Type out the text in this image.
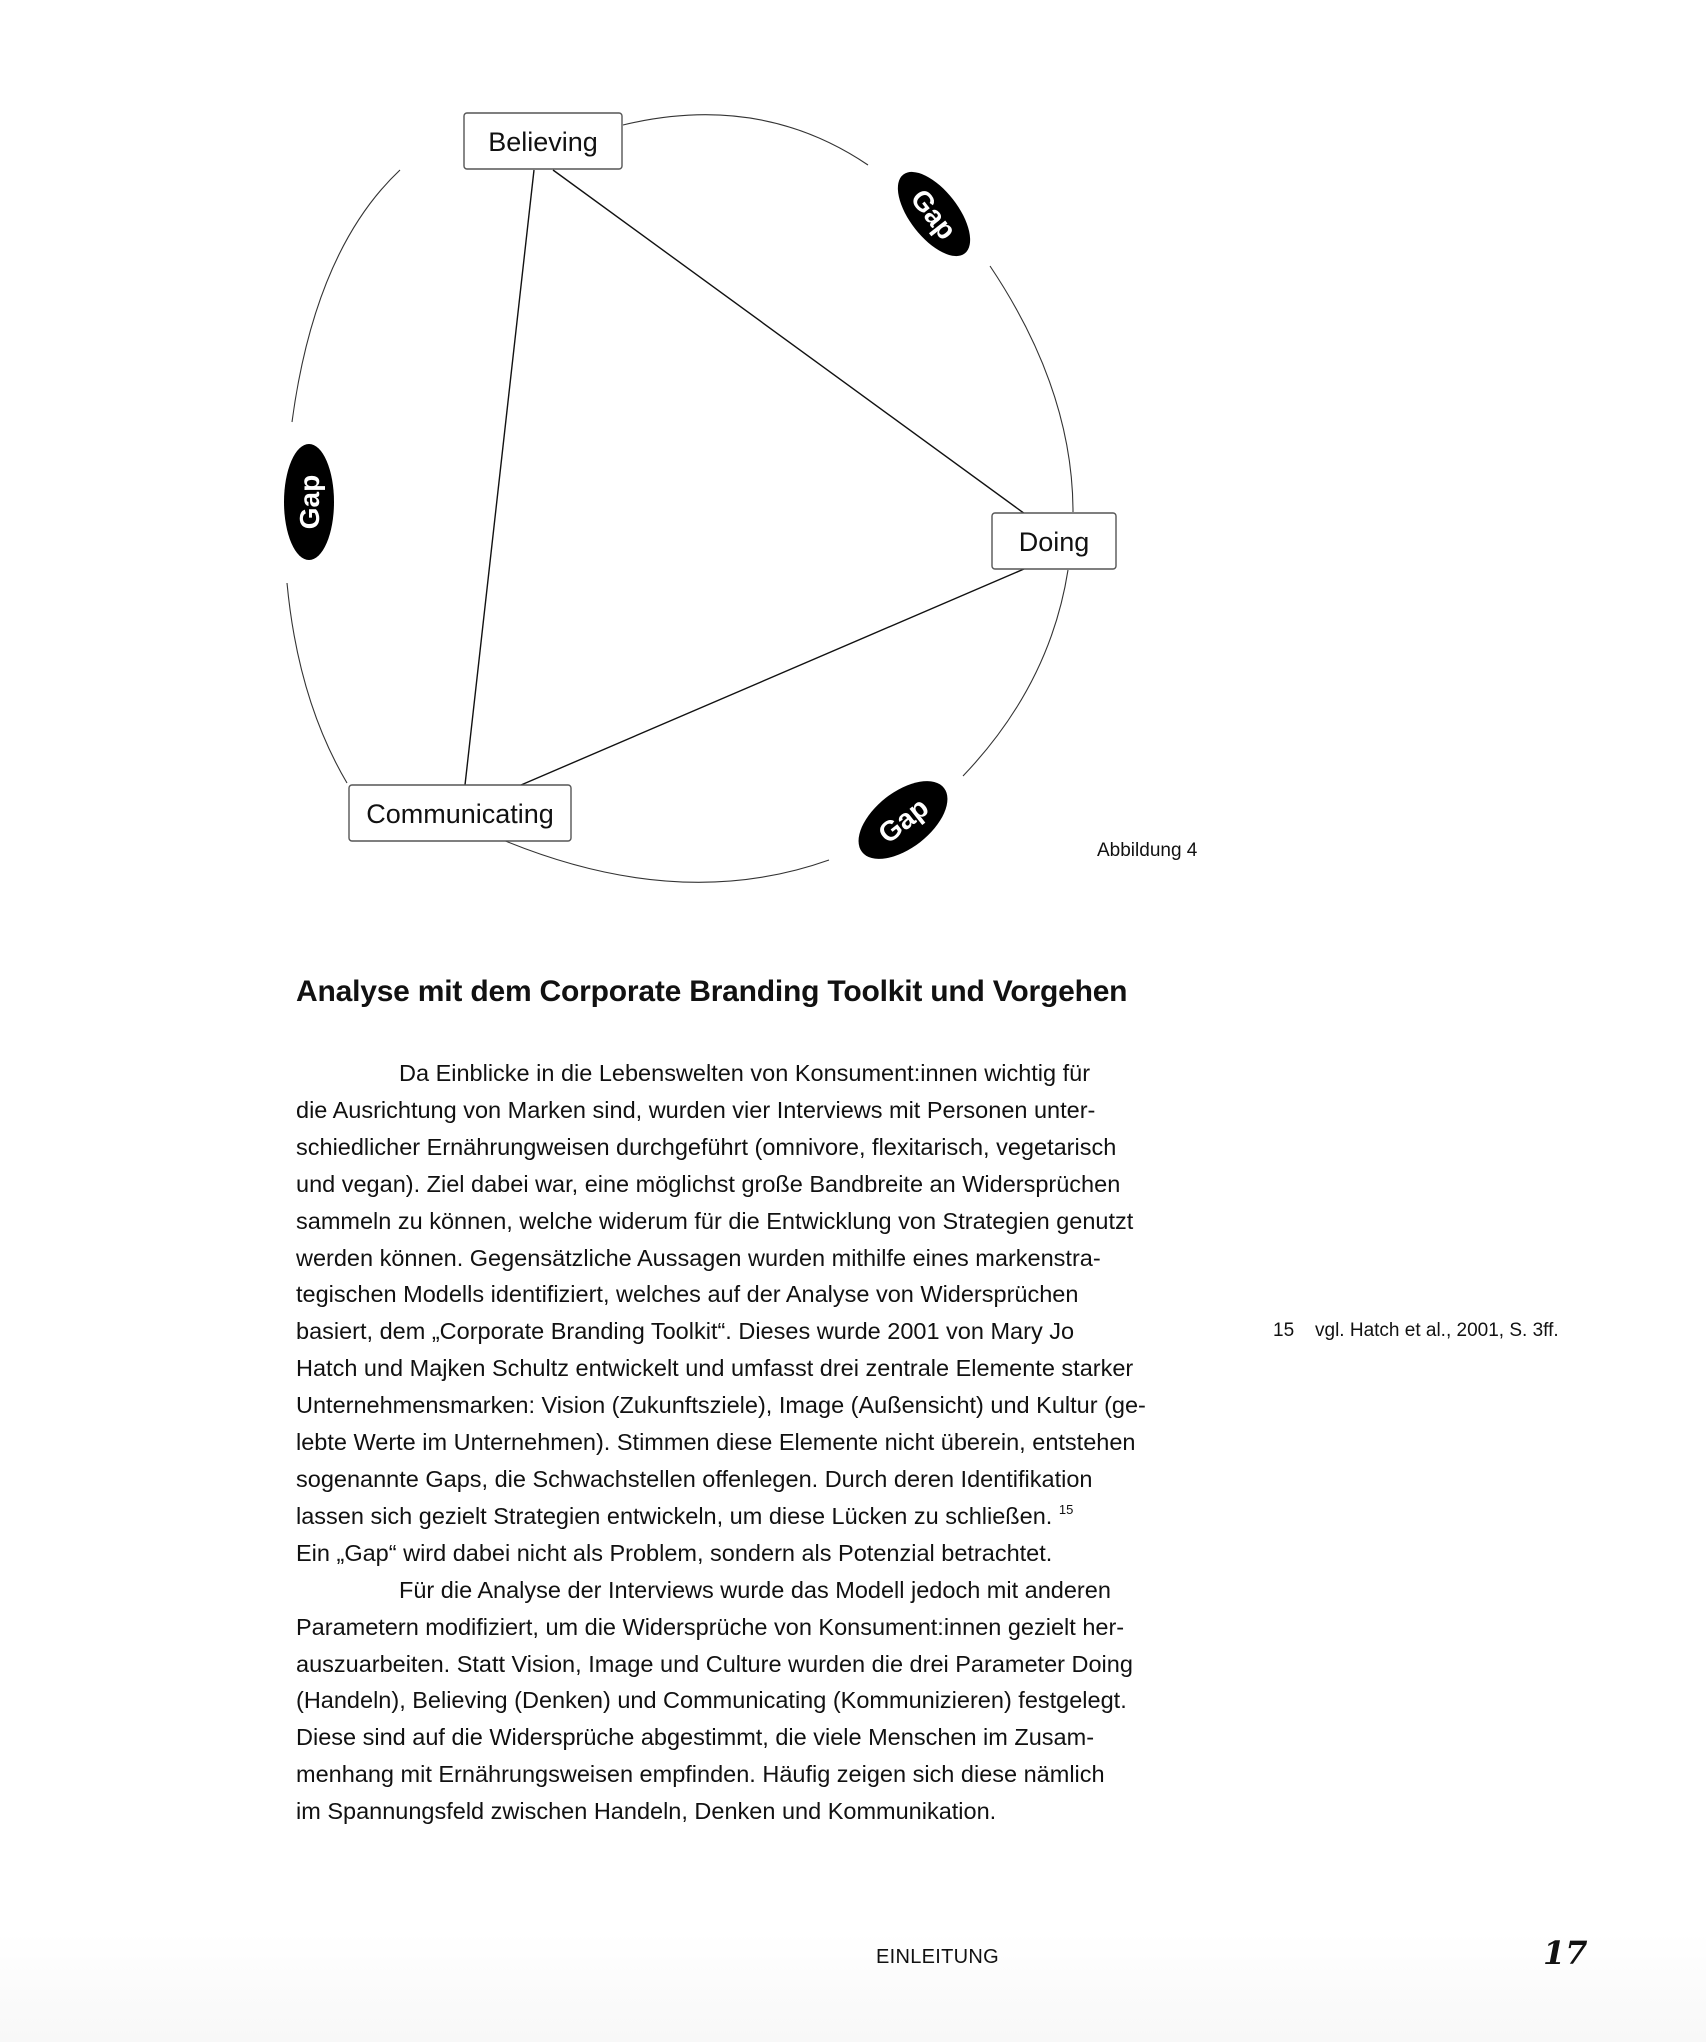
Believing
Doing
Communicating
Gap
Gap
Gap
Abbildung 4
Analyse mit dem Corporate Branding Toolkit und Vorgehen
Da Einblicke in die Lebenswelten von Konsument:innen wichtig für
die Ausrichtung von Marken sind, wurden vier Interviews mit Personen unter-
schiedlicher Ernährungweisen durchgeführt (omnivore, flexitarisch, vegetarisch
und vegan). Ziel dabei war, eine möglichst große Bandbreite an Widersprüchen
sammeln zu können, welche widerum für die Entwicklung von Strategien genutzt
werden können. Gegensätzliche Aussagen wurden mithilfe eines markenstra-
tegischen Modells identifiziert, welches auf der Analyse von Widersprüchen
basiert, dem „Corporate Branding Toolkit“. Dieses wurde 2001 von Mary Jo
Hatch und Majken Schultz entwickelt und umfasst drei zentrale Elemente starker
Unternehmensmarken: Vision (Zukunftsziele), Image (Außensicht) und Kultur (ge-
lebte Werte im Unternehmen). Stimmen diese Elemente nicht überein, entstehen
sogenannte Gaps, die Schwachstellen offenlegen. Durch deren Identifikation
lassen sich gezielt Strategien entwickeln, um diese Lücken zu schließen. $^{15}$
Ein „Gap“ wird dabei nicht als Problem, sondern als Potenzial betrachtet.
Für die Analyse der Interviews wurde das Modell jedoch mit anderen
Parametern modifiziert, um die Widersprüche von Konsument:innen gezielt her-
auszuarbeiten. Statt Vision, Image und Culture wurden die drei Parameter Doing
(Handeln), Believing (Denken) und Communicating (Kommunizieren) festgelegt.
Diese sind auf die Widersprüche abgestimmt, die viele Menschen im Zusam-
menhang mit Ernährungsweisen empfinden. Häufig zeigen sich diese nämlich
im Spannungsfeld zwischen Handeln, Denken und Kommunikation.
15 vgl. Hatch et al., 2001, S. 3ff.
EINLEITUNG	17
